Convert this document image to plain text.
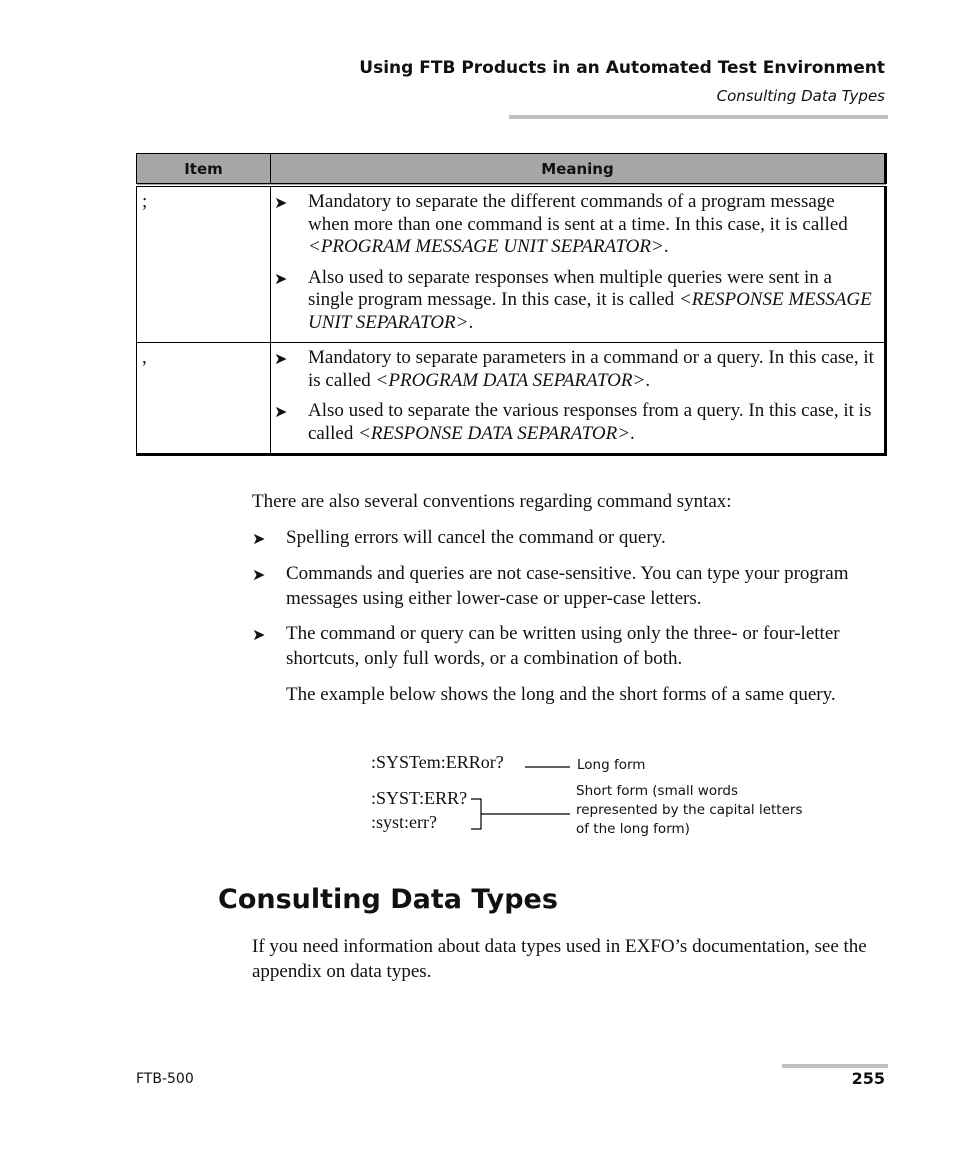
Using FTB Products in an Automated Test Environment
Consulting Data Types
Item	Meaning
;	➤ Mandatory to separate the different commands of a program message when more than one command is sent at a time. In this case, it is called <PROGRAM MESSAGE UNIT SEPARATOR>.
➤ Also used to separate responses when multiple queries were sent in a single program message. In this case, it is called <RESPONSE MESSAGE UNIT SEPARATOR>.

,	➤ Mandatory to separate parameters in a command or a query. In this case, it is called <PROGRAM DATA SEPARATOR>.
➤ Also used to separate the various responses from a query. In this case, it is called <RESPONSE DATA SEPARATOR>.
There are also several conventions regarding command syntax:
➤	Spelling errors will cancel the command or query.
➤	Commands and queries are not case-sensitive. You can type your program messages using either lower-case or upper-case letters.
➤	The command or query can be written using only the three- or four-letter shortcuts, only full words, or a combination of both.
The example below shows the long and the short forms of a same query.
:SYSTem:ERRor?
:SYST:ERR?
:syst:err?
Long form
Short form (small words
represented by the capital letters
of the long form)
Consulting Data Types
If you need information about data types used in EXFO’s documentation, see the appendix on data types.
FTB-500	255
